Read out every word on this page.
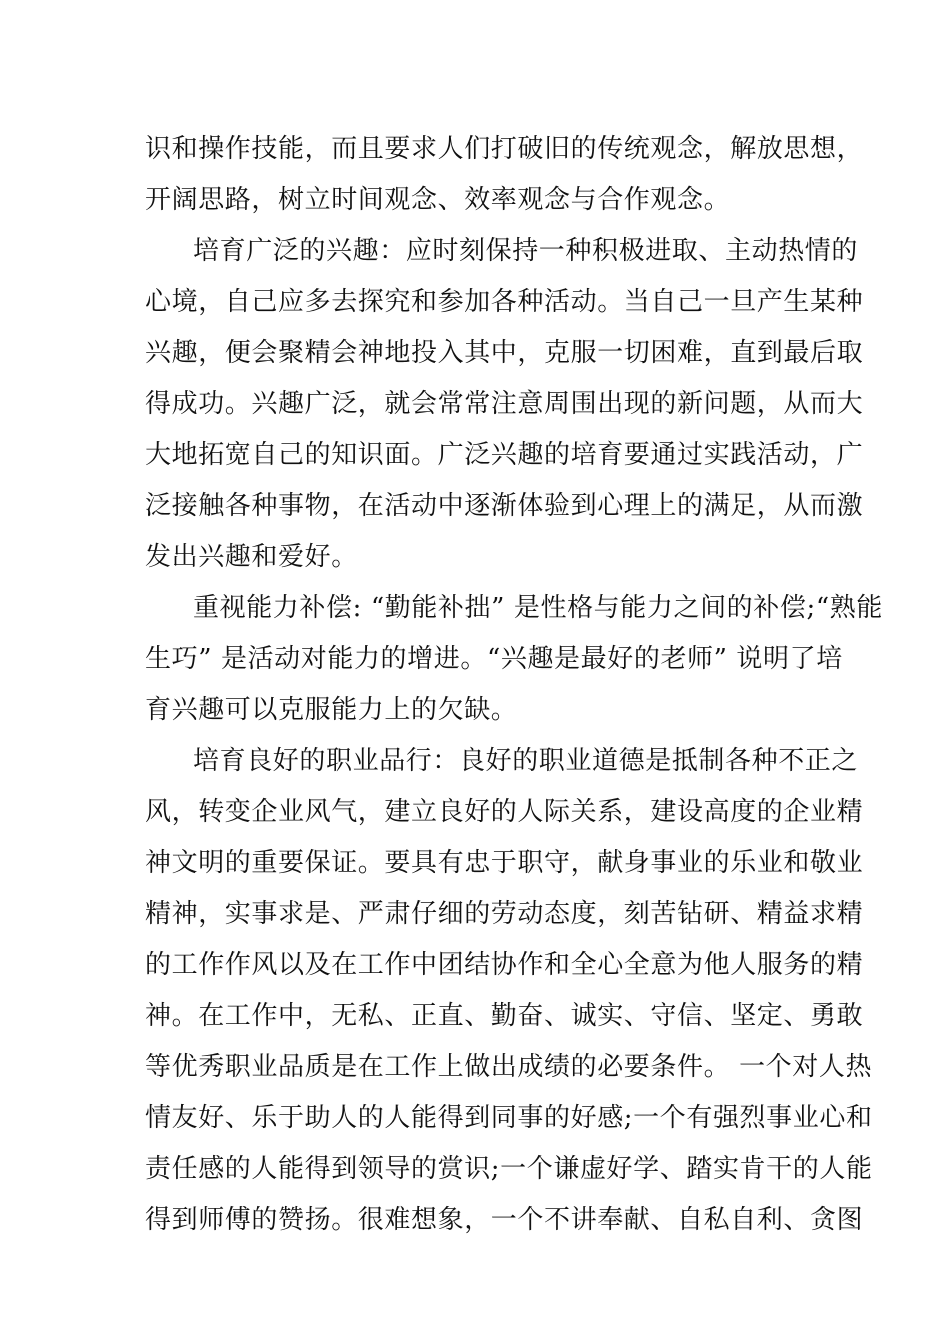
识和操作技能，而且要求人们打破旧的传统观念，解放思想，
开阔思路，树立时间观念、效率观念与合作观念。
培育广泛的兴趣：应时刻保持一种积极进取、主动热情的
心境，自己应多去探究和参加各种活动。当自己一旦产生某种
兴趣，便会聚精会神地投入其中，克服一切困难，直到最后取
得成功。兴趣广泛，就会常常注意周围出现的新问题，从而大
大地拓宽自己的知识面。广泛兴趣的培育要通过实践活动，广
泛接触各种事物，在活动中逐渐体验到心理上的满足，从而激
发出兴趣和爱好。
重视能力补偿: “勤能补拙” 是性格与能力之间的补偿;“熟能
生巧” 是活动对能力的增进。“兴趣是最好的老师” 说明了培
育兴趣可以克服能力上的欠缺。
培育良好的职业品行：良好的职业道德是抵制各种不正之
风，转变企业风气，建立良好的人际关系，建设高度的企业精
神文明的重要保证。要具有忠于职守，献身事业的乐业和敬业
精神，实事求是、严肃仔细的劳动态度，刻苦钻研、精益求精
的工作作风以及在工作中团结协作和全心全意为他人服务的精
神。在工作中，无私、正直、勤奋、诚实、守信、坚定、勇敢
等优秀职业品质是在工作上做出成绩的必要条件。 一个对人热
情友好、乐于助人的人能得到同事的好感;一个有强烈事业心和
责任感的人能得到领导的赏识;一个谦虚好学、踏实肯干的人能
得到师傅的赞扬。很难想象，一个不讲奉献、自私自利、贪图
